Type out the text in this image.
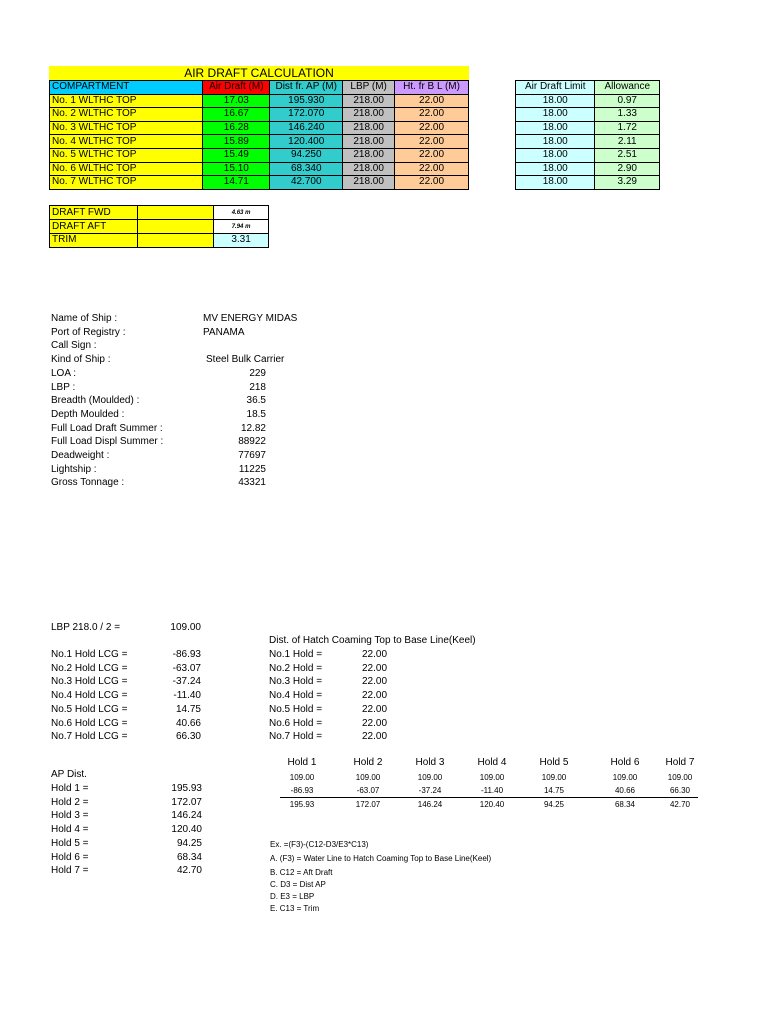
AIR DRAFT CALCULATION
COMPARTMENT	Air Draft (M)	Dist fr. AP (M)	LBP (M)	Ht. fr B L (M)
No. 1 WLTHC TOP	17.03	195.930	218.00	22.00
No. 2 WLTHC TOP	16.67	172.070	218.00	22.00
No. 3 WLTHC TOP	16.28	146.240	218.00	22.00
No. 4 WLTHC TOP	15.89	120.400	218.00	22.00
No. 5 WLTHC TOP	15.49	94.250	218.00	22.00
No. 6 WLTHC TOP	15.10	68.340	218.00	22.00
No. 7 WLTHC TOP	14.71	42.700	218.00	22.00
Air Draft Limit	Allowance
18.00	0.97
18.00	1.33
18.00	1.72
18.00	2.11
18.00	2.51
18.00	2.90
18.00	3.29
DRAFT FWD		4.63 m
DRAFT AFT		7.94 m
TRIM		3.31
Name of Ship :	MV ENERGY MIDAS
Port of Registry :	PANAMA
Call Sign :
Kind of Ship :	Steel Bulk Carrier
LOA :	229
LBP :	218
Breadth (Moulded) :	36.5
Depth Moulded :	18.5
Full Load Draft Summer :	12.82
Full Load Displ Summer :	88922
Deadweight :	77697
Lightship :	11225
Gross Tonnage :	43321
LBP 218.0 / 2 =	109.00
No.1 Hold LCG =	-86.93
No.2 Hold LCG =	-63.07
No.3 Hold LCG =	-37.24
No.4 Hold LCG =	-11.40
No.5 Hold LCG =	14.75
No.6 Hold LCG =	40.66
No.7 Hold LCG =	66.30
Dist. of Hatch Coaming Top to Base Line(Keel)
No.1 Hold =	22.00
No.2 Hold =	22.00
No.3 Hold =	22.00
No.4 Hold =	22.00
No.5 Hold =	22.00
No.6 Hold =	22.00
No.7 Hold =	22.00
AP Dist.
Hold 1 =	195.93
Hold 2 =	172.07
Hold 3 =	146.24
Hold 4 =	120.40
Hold 5 =	94.25
Hold 6 =	68.34
Hold 7 =	42.70
Hold 1	Hold 2	Hold 3	Hold 4	Hold 5	Hold 6	Hold 7
109.00	109.00	109.00	109.00	109.00	109.00	109.00
-86.93	-63.07	-37.24	-11.40	14.75	40.66	66.30
195.93	172.07	146.24	120.40	94.25	68.34	42.70
Ex. =(F3)-(C12-D3/E3*C13)
A. (F3) = Water Line to Hatch Coaming Top to Base Line(Keel)
B. C12 = Aft Draft
C. D3 = Dist AP
D. E3 = LBP
E. C13 = Trim
